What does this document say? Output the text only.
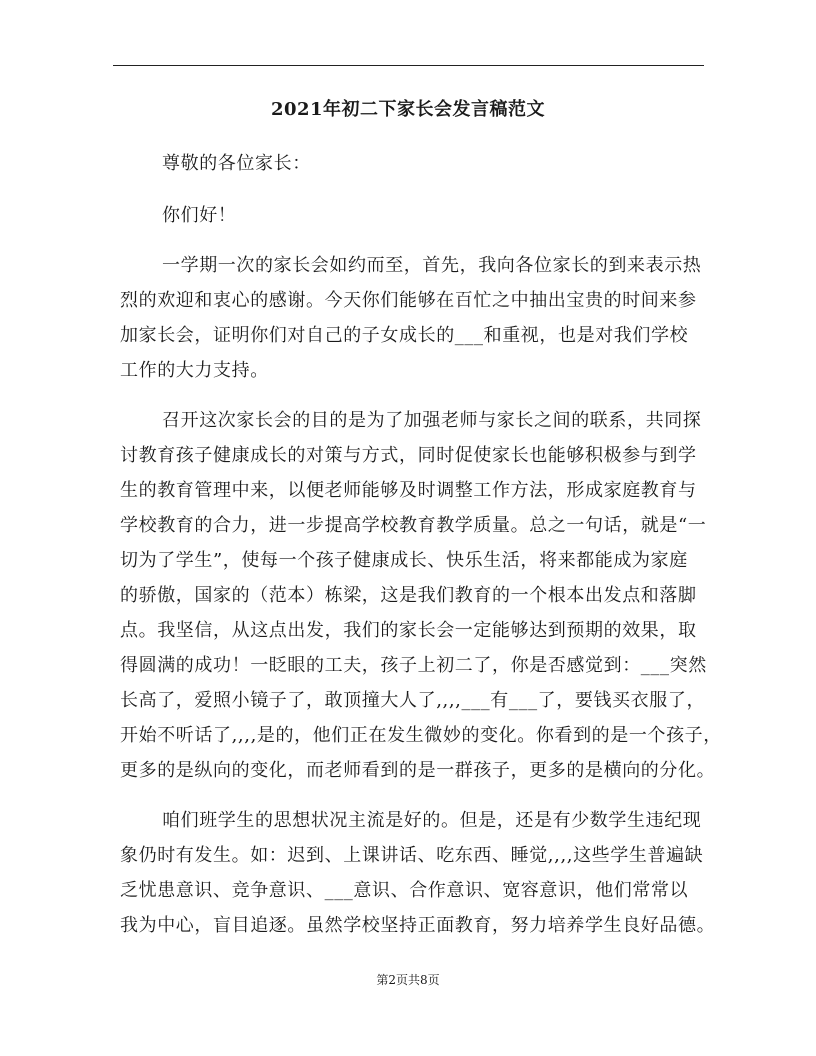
2021年初二下家长会发言稿范文
尊敬的各位家长：
你们好！
一学期一次的家长会如约而至，首先，我向各位家长的到来表示热
烈的欢迎和衷心的感谢。今天你们能够在百忙之中抽出宝贵的时间来参
加家长会，证明你们对自己的子女成长的___和重视，也是对我们学校
工作的大力支持。
召开这次家长会的目的是为了加强老师与家长之间的联系，共同探
讨教育孩子健康成长的对策与方式，同时促使家长也能够积极参与到学
生的教育管理中来，以便老师能够及时调整工作方法，形成家庭教育与
学校教育的合力，进一步提高学校教育教学质量。总之一句话，就是“一
切为了学生”，使每一个孩子健康成长、快乐生活，将来都能成为家庭
的骄傲，国家的（范本）栋梁，这是我们教育的一个根本出发点和落脚
点。我坚信，从这点出发，我们的家长会一定能够达到预期的效果，取
得圆满的成功！一眨眼的工夫，孩子上初二了，你是否感觉到：___突然
长高了，爱照小镜子了，敢顶撞大人了,,,,___有___了，要钱买衣服了，
开始不听话了,,,,是的，他们正在发生微妙的变化。你看到的是一个孩子，
更多的是纵向的变化，而老师看到的是一群孩子，更多的是横向的分化。
咱们班学生的思想状况主流是好的。但是，还是有少数学生违纪现
象仍时有发生。如：迟到、上课讲话、吃东西、睡觉,,,,这些学生普遍缺
乏忧患意识、竞争意识、___意识、合作意识、宽容意识，他们常常以
我为中心，盲目追逐。虽然学校坚持正面教育，努力培养学生良好品德。
第2页共8页
